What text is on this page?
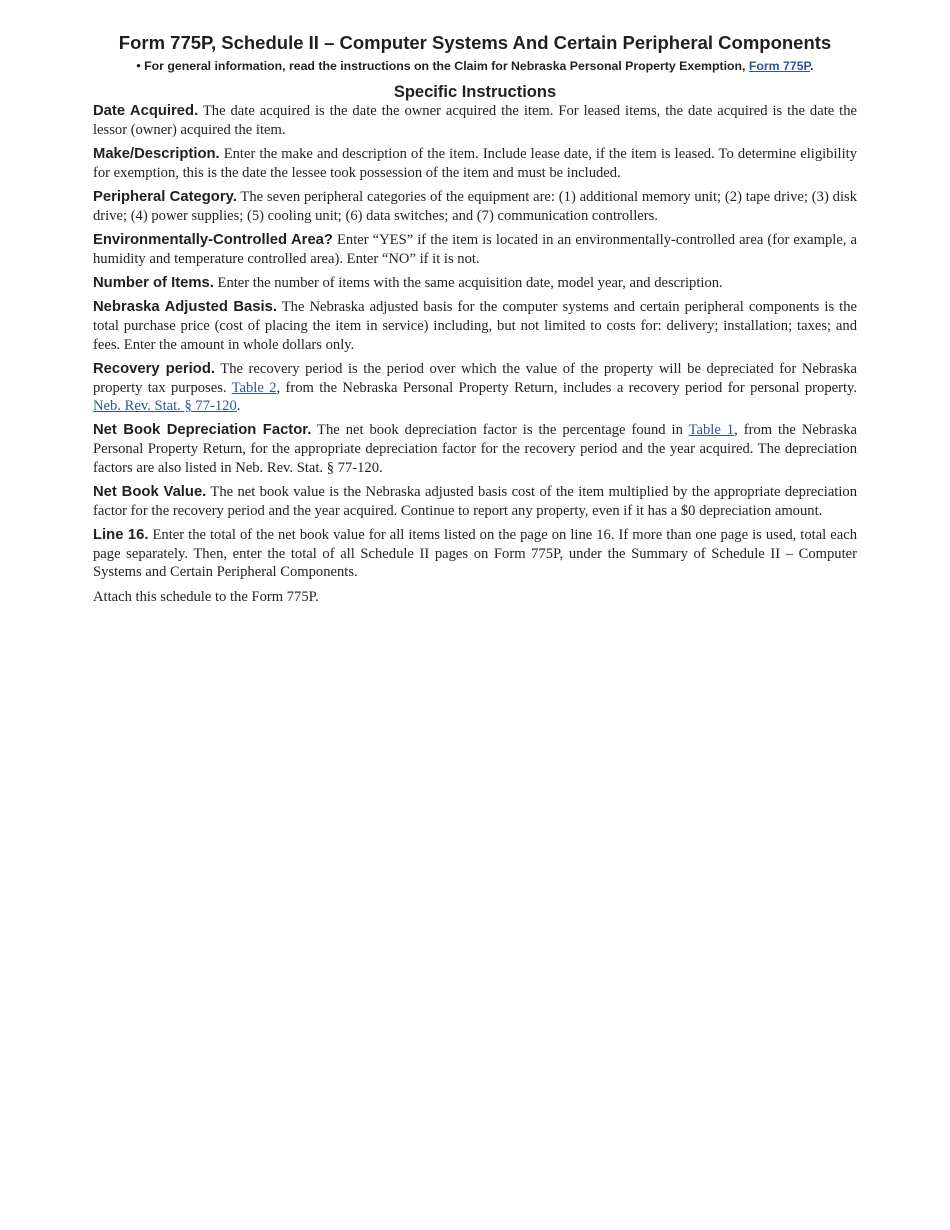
Form 775P, Schedule II – Computer Systems And Certain Peripheral Components

• For general information, read the instructions on the Claim for Nebraska Personal Property Exemption, Form 775P.

Specific Instructions

Date Acquired. The date acquired is the date the owner acquired the item. For leased items, the date acquired is the date the lessor (owner) acquired the item.

Make/Description. Enter the make and description of the item. Include lease date, if the item is leased. To determine eligibility for exemption, this is the date the lessee took possession of the item and must be included.

Peripheral Category. The seven peripheral categories of the equipment are: (1) additional memory unit; (2) tape drive; (3) disk drive; (4) power supplies; (5) cooling unit; (6) data switches; and (7) communication controllers.

Environmentally-Controlled Area? Enter “YES” if the item is located in an environmentally-controlled area (for example, a humidity and temperature controlled area). Enter “NO” if it is not.

Number of Items. Enter the number of items with the same acquisition date, model year, and description.

Nebraska Adjusted Basis. The Nebraska adjusted basis for the computer systems and certain peripheral components is the total purchase price (cost of placing the item in service) including, but not limited to costs for: delivery; installation; taxes; and fees. Enter the amount in whole dollars only.

Recovery period. The recovery period is the period over which the value of the property will be depreciated for Nebraska property tax purposes. Table 2, from the Nebraska Personal Property Return, includes a recovery period for personal property. Neb. Rev. Stat. § 77-120.

Net Book Depreciation Factor. The net book depreciation factor is the percentage found in Table 1, from the Nebraska Personal Property Return, for the appropriate depreciation factor for the recovery period and the year acquired. The depreciation factors are also listed in Neb. Rev. Stat. § 77-120.

Net Book Value. The net book value is the Nebraska adjusted basis cost of the item multiplied by the appropriate depreciation factor for the recovery period and the year acquired. Continue to report any property, even if it has a $0 depreciation amount.

Line 16. Enter the total of the net book value for all items listed on the page on line 16. If more than one page is used, total each page separately. Then, enter the total of all Schedule II pages on Form 775P, under the Summary of Schedule II – Computer Systems and Certain Peripheral Components.

Attach this schedule to the Form 775P.
